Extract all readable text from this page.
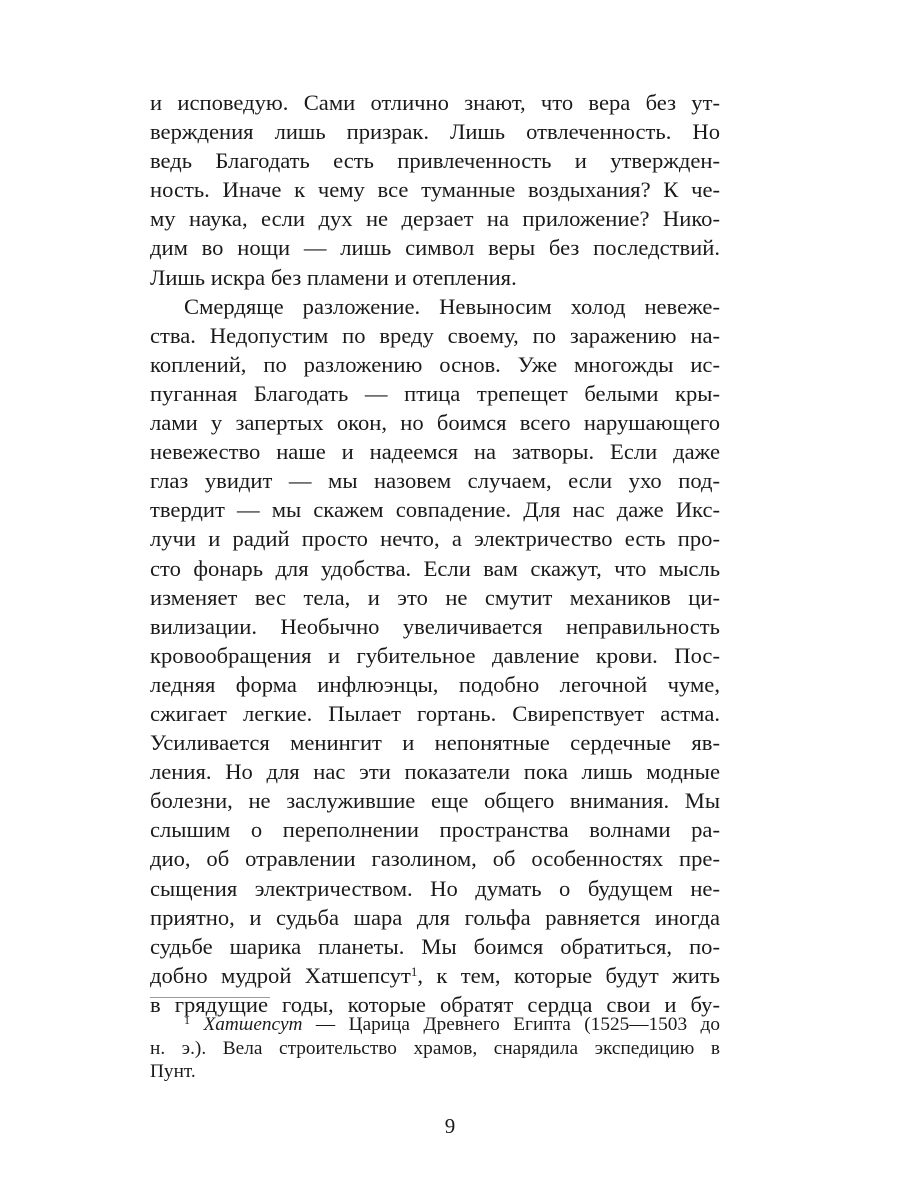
и исповедую. Сами отлично знают, что вера без ут-
верждения лишь призрак. Лишь отвлеченность. Но
ведь Благодать есть привлеченность и утвержден-
ность. Иначе к чему все туманные воздыхания? К че-
му наука, если дух не дерзает на приложение? Нико-
дим во нощи — лишь символ веры без последствий.
Лишь искра без пламени и отепления.
Смердяще разложение. Невыносим холод невеже-
ства. Недопустим по вреду своему, по заражению на-
коплений, по разложению основ. Уже многожды ис-
пуганная Благодать — птица трепещет белыми кры-
лами у запертых окон, но боимся всего нарушающего
невежество наше и надеемся на затворы. Если даже
глаз увидит — мы назовем случаем, если ухо под-
твердит — мы скажем совпадение. Для нас даже Икс-
лучи и радий просто нечто, а электричество есть про-
сто фонарь для удобства. Если вам скажут, что мысль
изменяет вес тела, и это не смутит механиков ци-
вилизации. Необычно увеличивается неправильность
кровообращения и губительное давление крови. Пос-
ледняя форма инфлюэнцы, подобно легочной чуме,
сжигает легкие. Пылает гортань. Свирепствует астма.
Усиливается менингит и непонятные сердечные яв-
ления. Но для нас эти показатели пока лишь модные
болезни, не заслужившие еще общего внимания. Мы
слышим о переполнении пространства волнами ра-
дио, об отравлении газолином, об особенностях пре-
сыщения электричеством. Но думать о будущем не-
приятно, и судьба шара для гольфа равняется иногда
судьбе шарика планеты. Мы боимся обратиться, по-
добно мудрой Хатшепсут$^1$, к тем, которые будут жить
в грядущие годы, которые обратят сердца свои и бу-
$^1$ Хатшепсут — Царица Древнего Египта (1525—1503 до
н. э.). Вела строительство храмов, снарядила экспедицию в
Пунт.
9
